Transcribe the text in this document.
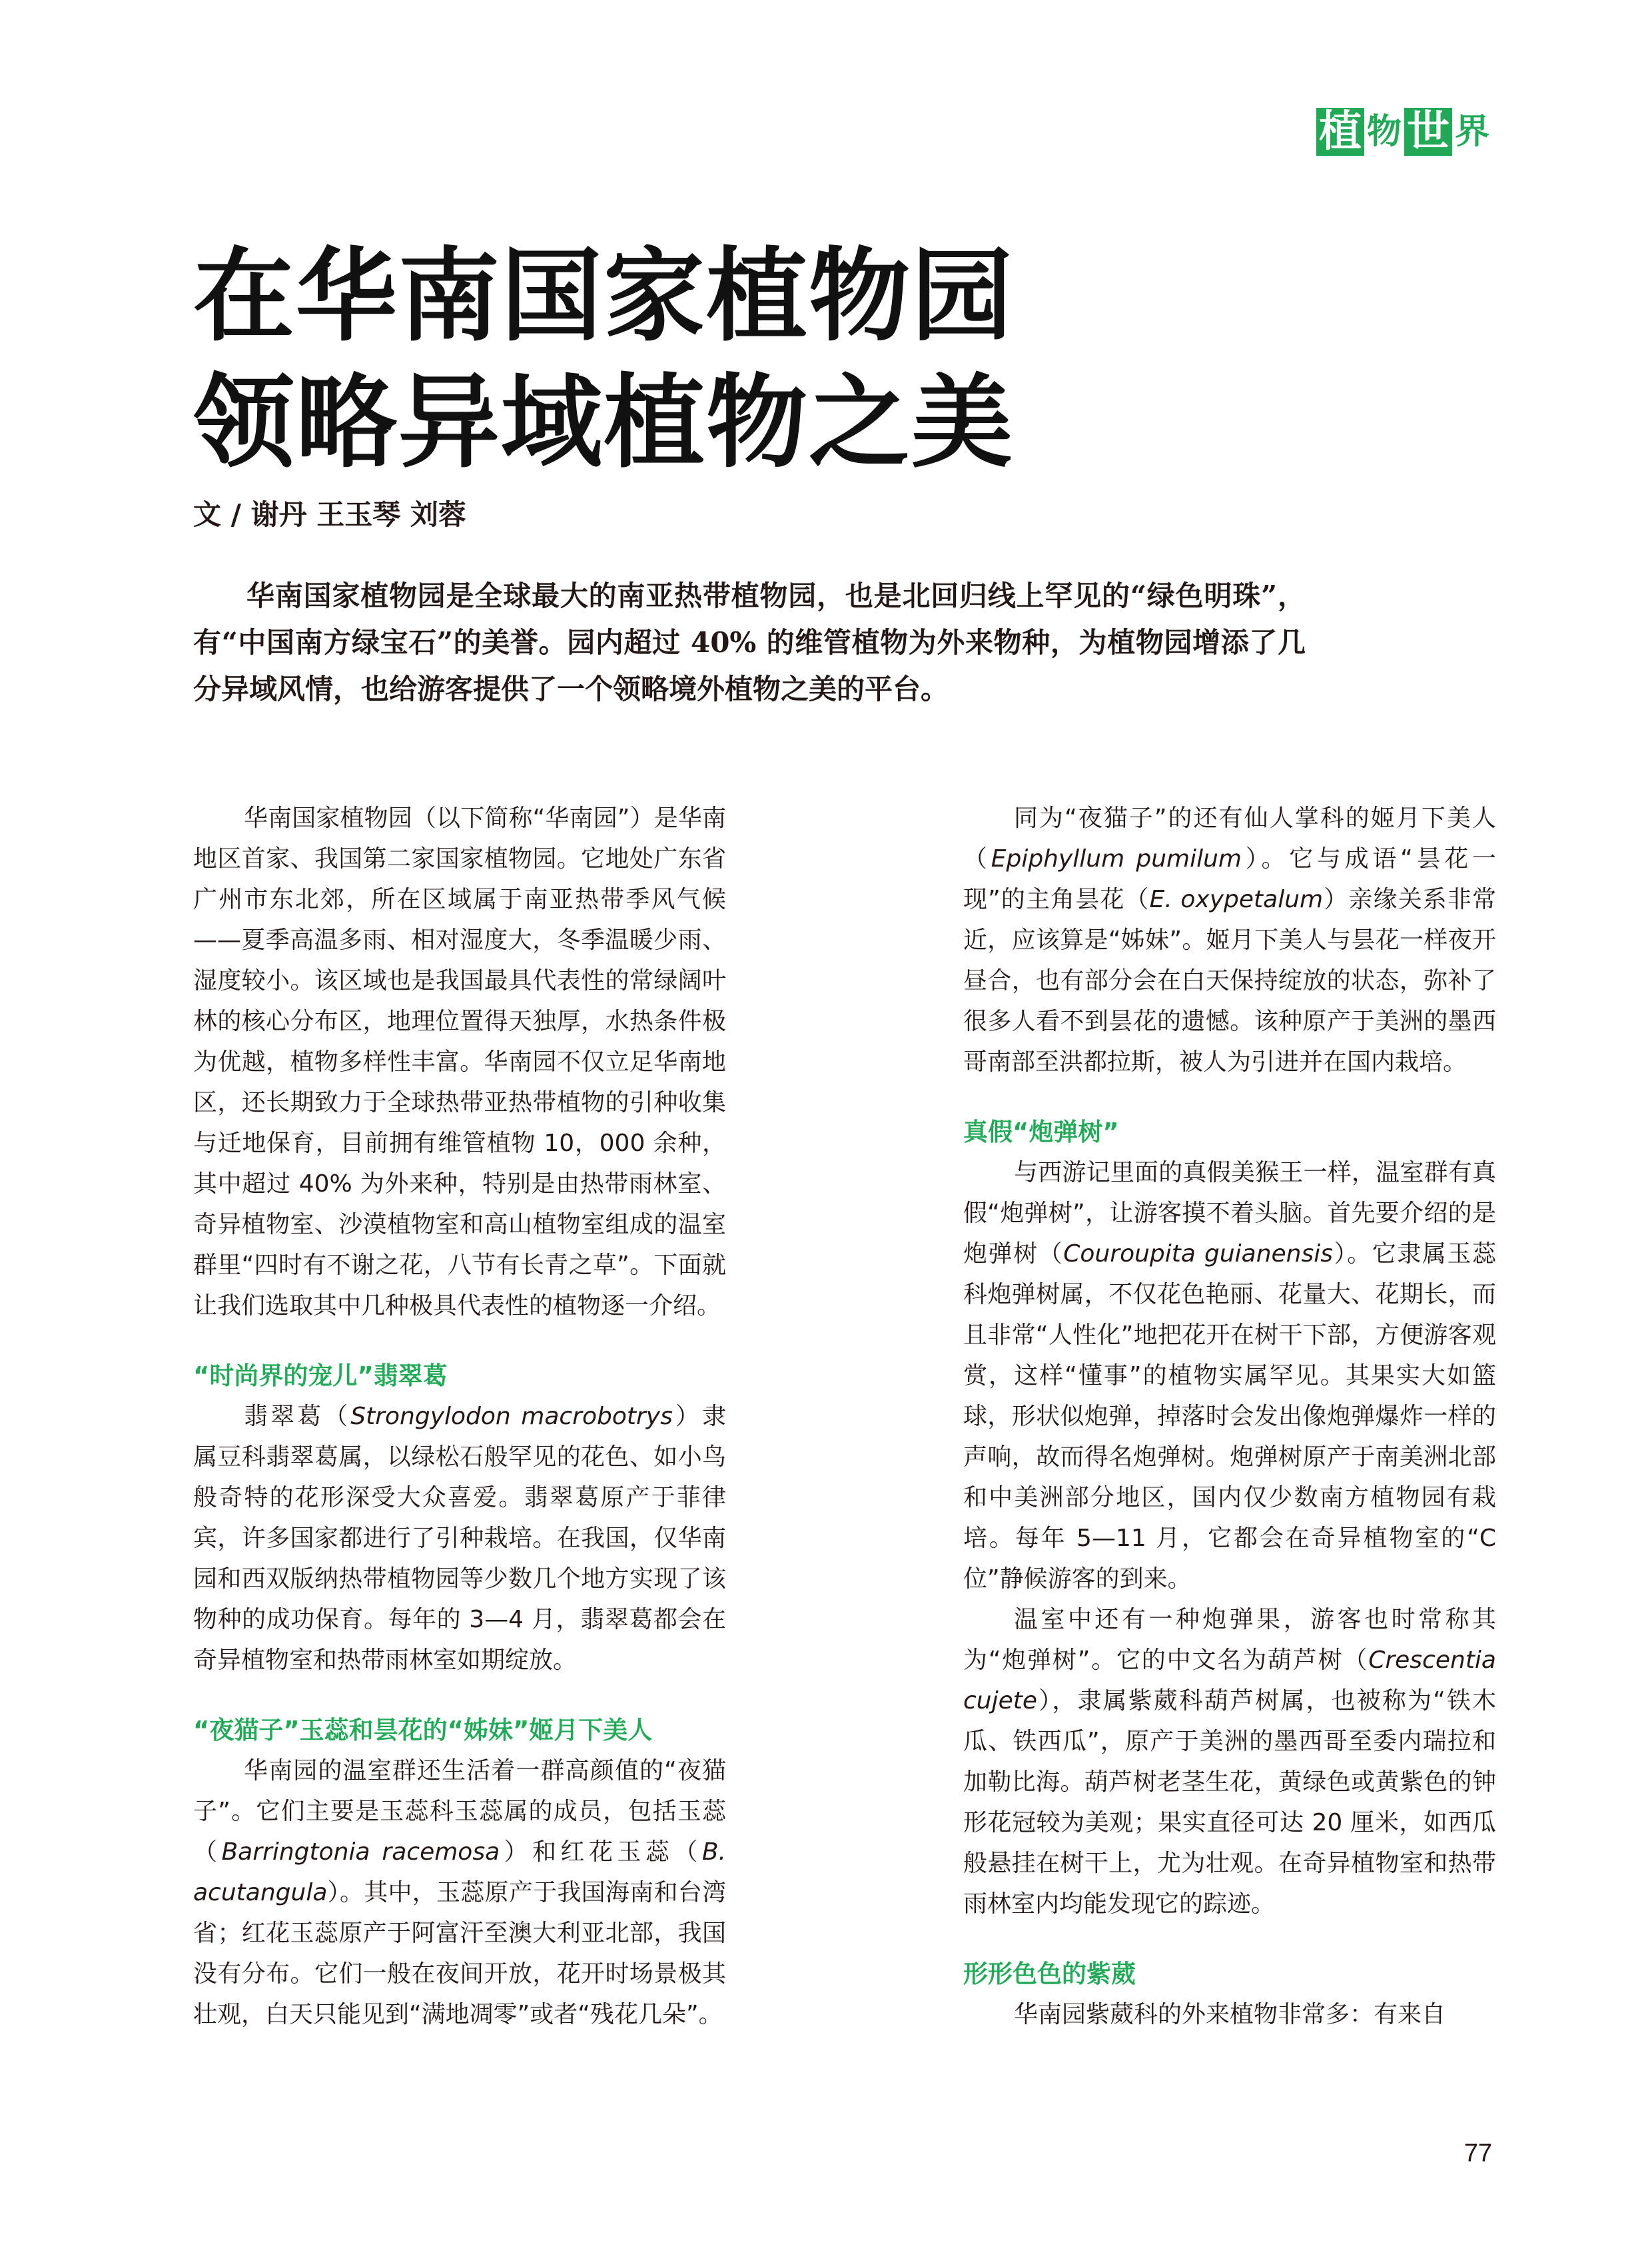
植 物 世 界
在华南国家植物园
领略异域植物之美
文 / 谢丹 王玉琴 刘蓉

华南国家植物园是全球最大的南亚热带植物园，也是北回归线上罕见的“绿色明珠”，有“中国南方绿宝石”的美誉。园内超过 40% 的维管植物为外来物种，为植物园增添了几分异域风情，也给游客提供了一个领略境外植物之美的平台。

华南国家植物园（以下简称“华南园”）是华南地区首家、我国第二家国家植物园。它地处广东省广州市东北郊，所在区域属于南亚热带季风气候——夏季高温多雨、相对湿度大，冬季温暖少雨、湿度较小。该区域也是我国最具代表性的常绿阔叶林的核心分布区，地理位置得天独厚，水热条件极为优越，植物多样性丰富。华南园不仅立足华南地区，还长期致力于全球热带亚热带植物的引种收集与迁地保育，目前拥有维管植物 10，000 余种，其中超过 40% 为外来种，特别是由热带雨林室、奇异植物室、沙漠植物室和高山植物室组成的温室群里“四时有不谢之花，八节有长青之草”。下面就让我们选取其中几种极具代表性的植物逐一介绍。

“时尚界的宠儿”翡翠葛

翡翠葛（Strongylodon macrobotrys）隶属豆科翡翠葛属，以绿松石般罕见的花色、如小鸟般奇特的花形深受大众喜爱。翡翠葛原产于菲律宾，许多国家都进行了引种栽培。在我国，仅华南园和西双版纳热带植物园等少数几个地方实现了该物种的成功保育。每年的 3—4 月，翡翠葛都会在奇异植物室和热带雨林室如期绽放。

“夜猫子”玉蕊和昙花的“姊妹”姬月下美人

华南园的温室群还生活着一群高颜值的“夜猫子”。它们主要是玉蕊科玉蕊属的成员，包括玉蕊（Barringtonia racemosa）和红花玉蕊（B. acutangula）。其中，玉蕊原产于我国海南和台湾省；红花玉蕊原产于阿富汗至澳大利亚北部，我国没有分布。它们一般在夜间开放，花开时场景极其壮观，白天只能见到“满地凋零”或者“残花几朵”。

同为“夜猫子”的还有仙人掌科的姬月下美人（Epiphyllum pumilum）。它与成语“昙花一现”的主角昙花（E. oxypetalum）亲缘关系非常近，应该算是“姊妹”。姬月下美人与昙花一样夜开昼合，也有部分会在白天保持绽放的状态，弥补了很多人看不到昙花的遗憾。该种原产于美洲的墨西哥南部至洪都拉斯，被人为引进并在国内栽培。

真假“炮弹树”

与西游记里面的真假美猴王一样，温室群有真假“炮弹树”，让游客摸不着头脑。首先要介绍的是炮弹树（Couroupita guianensis）。它隶属玉蕊科炮弹树属，不仅花色艳丽、花量大、花期长，而且非常“人性化”地把花开在树干下部，方便游客观赏，这样“懂事”的植物实属罕见。其果实大如篮球，形状似炮弹，掉落时会发出像炮弹爆炸一样的声响，故而得名炮弹树。炮弹树原产于南美洲北部和中美洲部分地区，国内仅少数南方植物园有栽培。每年 5—11 月，它都会在奇异植物室的“C 位”静候游客的到来。

温室中还有一种炮弹果，游客也时常称其为“炮弹树”。它的中文名为葫芦树（Crescentia cujete），隶属紫葳科葫芦树属，也被称为“铁木瓜、铁西瓜”，原产于美洲的墨西哥至委内瑞拉和加勒比海。葫芦树老茎生花，黄绿色或黄紫色的钟形花冠较为美观；果实直径可达 20 厘米，如西瓜般悬挂在树干上，尤为壮观。在奇异植物室和热带雨林室内均能发现它的踪迹。

形形色色的紫葳

华南园紫葳科的外来植物非常多：有来自

77
